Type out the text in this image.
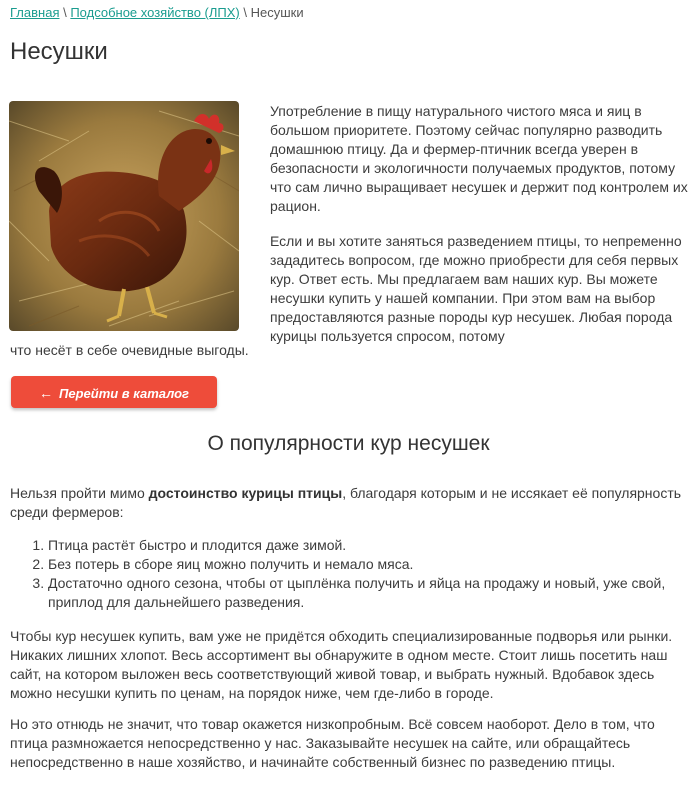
Главная \ Подсобное хозяйство (ЛПХ) \ Несушки
Несушки

Употребление в пищу натурального чистого мяса и яиц в большом приоритете. Поэтому сейчас популярно разводить домашнюю птицу. Да и фермер-птичник всегда уверен в безопасности и экологичности получаемых продуктов, потому что сам лично выращивает несушек и держит под контролем их рацион.

Если и вы хотите заняться разведением птицы, то непременно зададитесь вопросом, где можно приобрести для себя первых кур. Ответ есть. Мы предлагаем вам наших кур. Вы можете несушки купить у нашей компании. При этом вам на выбор предоставляются разные породы кур несушек. Любая порода курицы пользуется спросом, потому

что несёт в себе очевидные выгоды.

← Перейти в каталог
О популярности кур несушек

Нельзя пройти мимо достоинство курицы птицы, благодаря которым и не иссякает её популярность среди фермеров:

1. Птица растёт быстро и плодится даже зимой.
2. Без потерь в сборе яиц можно получить и немало мяса.
3. Достаточно одного сезона, чтобы от цыплёнка получить и яйца на продажу и новый, уже свой, приплод для дальнейшего разведения.

Чтобы кур несушек купить, вам уже не придётся обходить специализированные подворья или рынки. Никаких лишних хлопот. Весь ассортимент вы обнаружите в одном месте. Стоит лишь посетить наш сайт, на котором выложен весь соответствующий живой товар, и выбрать нужный. Вдобавок здесь можно несушки купить по ценам, на порядок ниже, чем где-либо в городе.

Но это отнюдь не значит, что товар окажется низкопробным. Всё совсем наоборот. Дело в том, что птица размножается непосредственно у нас. Заказывайте несушек на сайте, или обращайтесь непосредственно в наше хозяйство, и начинайте собственный бизнес по разведению птицы.
